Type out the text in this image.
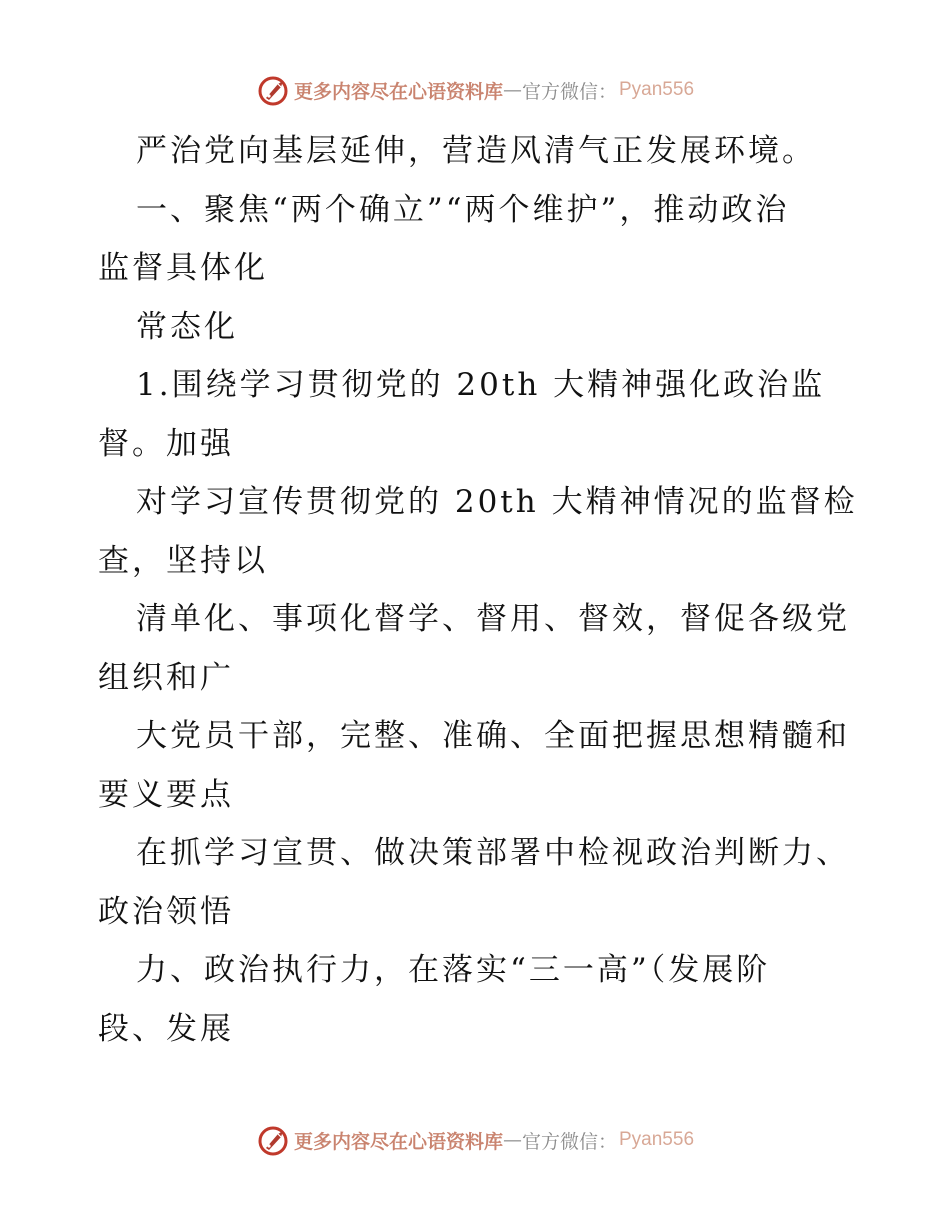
更多内容尽在心语资料库 — 官方微信： Pyan556
严治党向基层延伸，营造风清气正发展环境。
一、聚焦“两个确立”“两个维护”，推动政治
监督具体化
常态化
1.围绕学习贯彻党的 20th 大精神强化政治监
督。加强
对学习宣传贯彻党的 20th 大精神情况的监督检
查，坚持以
清单化、事项化督学、督用、督效，督促各级党
组织和广
大党员干部，完整、准确、全面把握思想精髓和
要义要点
在抓学习宣贯、做决策部署中检视政治判断力、
政治领悟
力、政治执行力，在落实“三一高”（发展阶
段、发展
更多内容尽在心语资料库 — 官方微信： Pyan556
